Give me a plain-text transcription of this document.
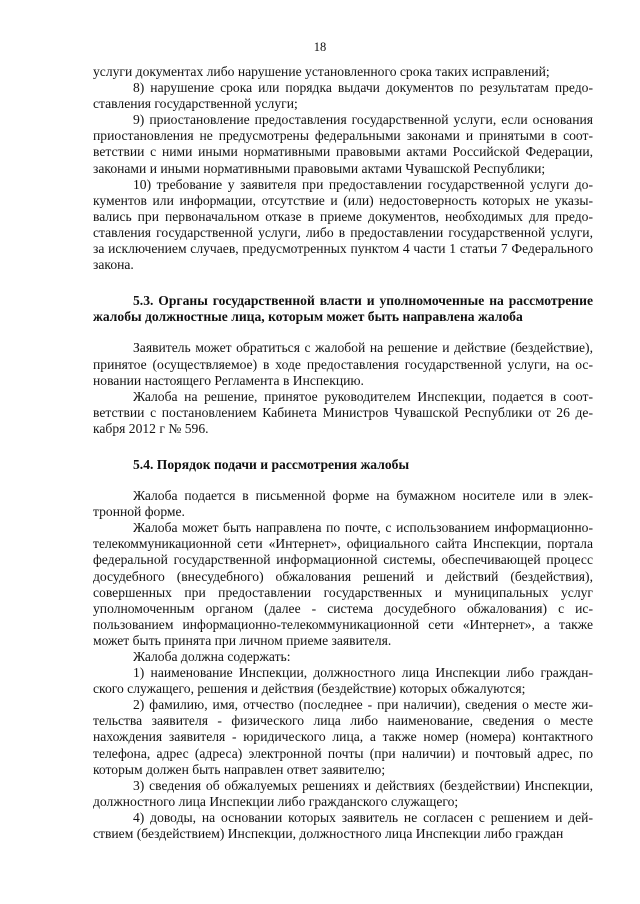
18

услуги документах либо нарушение установленного срока таких исправлений;

8) нарушение срока или порядка выдачи документов по результатам предоставления государственной услуги;

9) приостановление предоставления государственной услуги, если основания приостановления не предусмотрены федеральными законами и принятыми в соответствии с ними иными нормативными правовыми актами Российской Федерации, законами и иными нормативными правовыми актами Чувашской Республики;

10) требование у заявителя при предоставлении государственной услуги документов или информации, отсутствие и (или) недостоверность которых не указывались при первоначальном отказе в приеме документов, необходимых для предоставления государственной услуги, либо в предоставлении государственной услуги, за исключением случаев, предусмотренных пунктом 4 части 1 статьи 7 Федерального закона.

5.3. Органы государственной власти и уполномоченные на рассмотрение жалобы должностные лица, которым может быть направлена жалоба

Заявитель может обратиться с жалобой на решение и действие (бездействие), принятое (осуществляемое) в ходе предоставления государственной услуги, на основании настоящего Регламента в Инспекцию.

Жалоба на решение, принятое руководителем Инспекции, подается в соответствии с постановлением Кабинета Министров Чувашской Республики от 26 декабря 2012 г № 596.

5.4. Порядок подачи и рассмотрения жалобы

Жалоба подается в письменной форме на бумажном носителе или в электронной форме.

Жалоба может быть направлена по почте, с использованием информационно-телекоммуникационной сети «Интернет», официального сайта Инспекции, портала федеральной государственной информационной системы, обеспечивающей процесс досудебного (внесудебного) обжалования решений и действий (бездействия), совершенных при предоставлении государственных и муниципальных услуг уполномоченным органом (далее - система досудебного обжалования) с использованием информационно-телекоммуникационной сети «Интернет», а также может быть принята при личном приеме заявителя.

Жалоба должна содержать:

1) наименование Инспекции, должностного лица Инспекции либо гражданского служащего, решения и действия (бездействие) которых обжалуются;

2) фамилию, имя, отчество (последнее - при наличии), сведения о месте жительства заявителя - физического лица либо наименование, сведения о месте нахождения заявителя - юридического лица, а также номер (номера) контактного телефона, адрес (адреса) электронной почты (при наличии) и почтовый адрес, по которым должен быть направлен ответ заявителю;

3) сведения об обжалуемых решениях и действиях (бездействии) Инспекции, должностного лица Инспекции либо гражданского служащего;

4) доводы, на основании которых заявитель не согласен с решением и действием (бездействием) Инспекции, должностного лица Инспекции либо граждан
